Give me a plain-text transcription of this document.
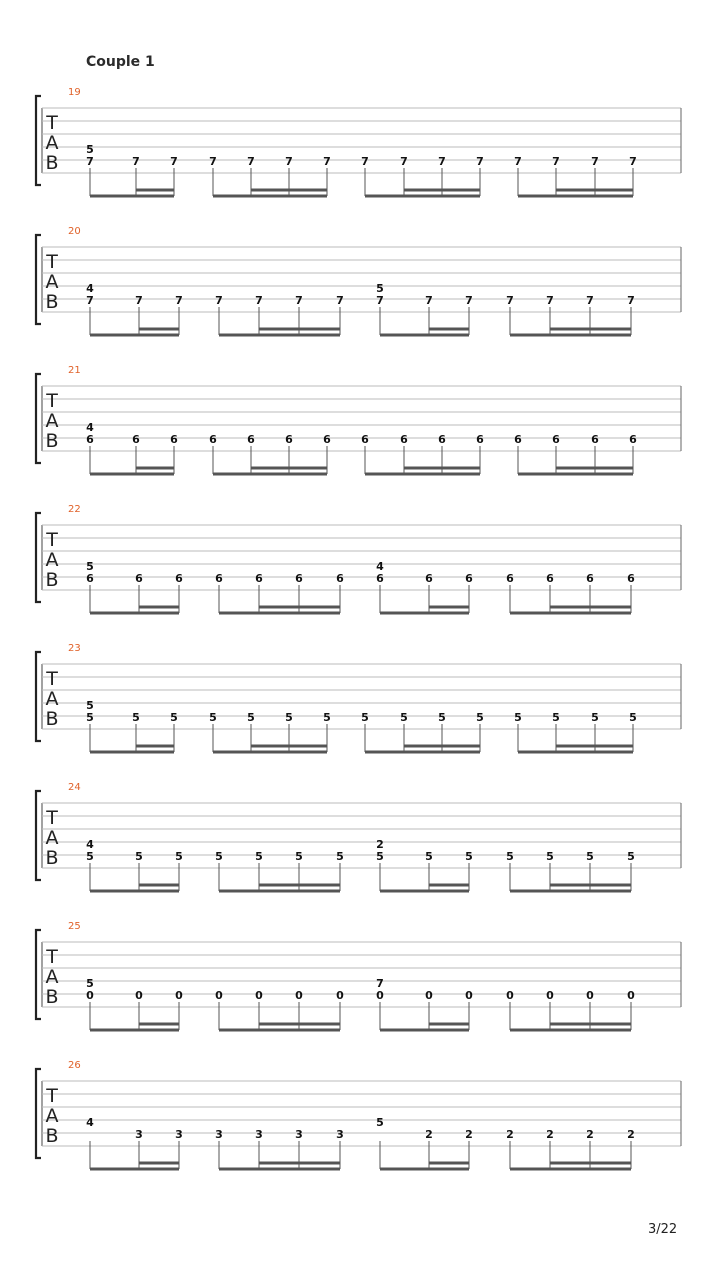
Couple 1
T
A
B
19
7	7	7	7	7	7	7	7	7	7	7	7	7	7	7
5
T
A
B
20
7	7	7	7	7	7	7	7	7	7	7	7	7	7
4	5
T
A
B
21
6	6	6	6	6	6	6	6	6	6	6	6	6	6	6
4
T
A
B
22
6	6	6	6	6	6	6	6	6	6	6	6	6	6
5	4
T
A
B
23
5	5	5	5	5	5	5	5	5	5	5	5	5	5	5
5
T
A
B
24
5	5	5	5	5	5	5	5	5	5	5	5	5	5
4	2
T
A
B
25
0	0	0	0	0	0	0	0	0	0	0	0	0	0
5	7
T
A
B
26
3	3	3	3	3	3	2	2	2	2	2	2
4	5
3/22
